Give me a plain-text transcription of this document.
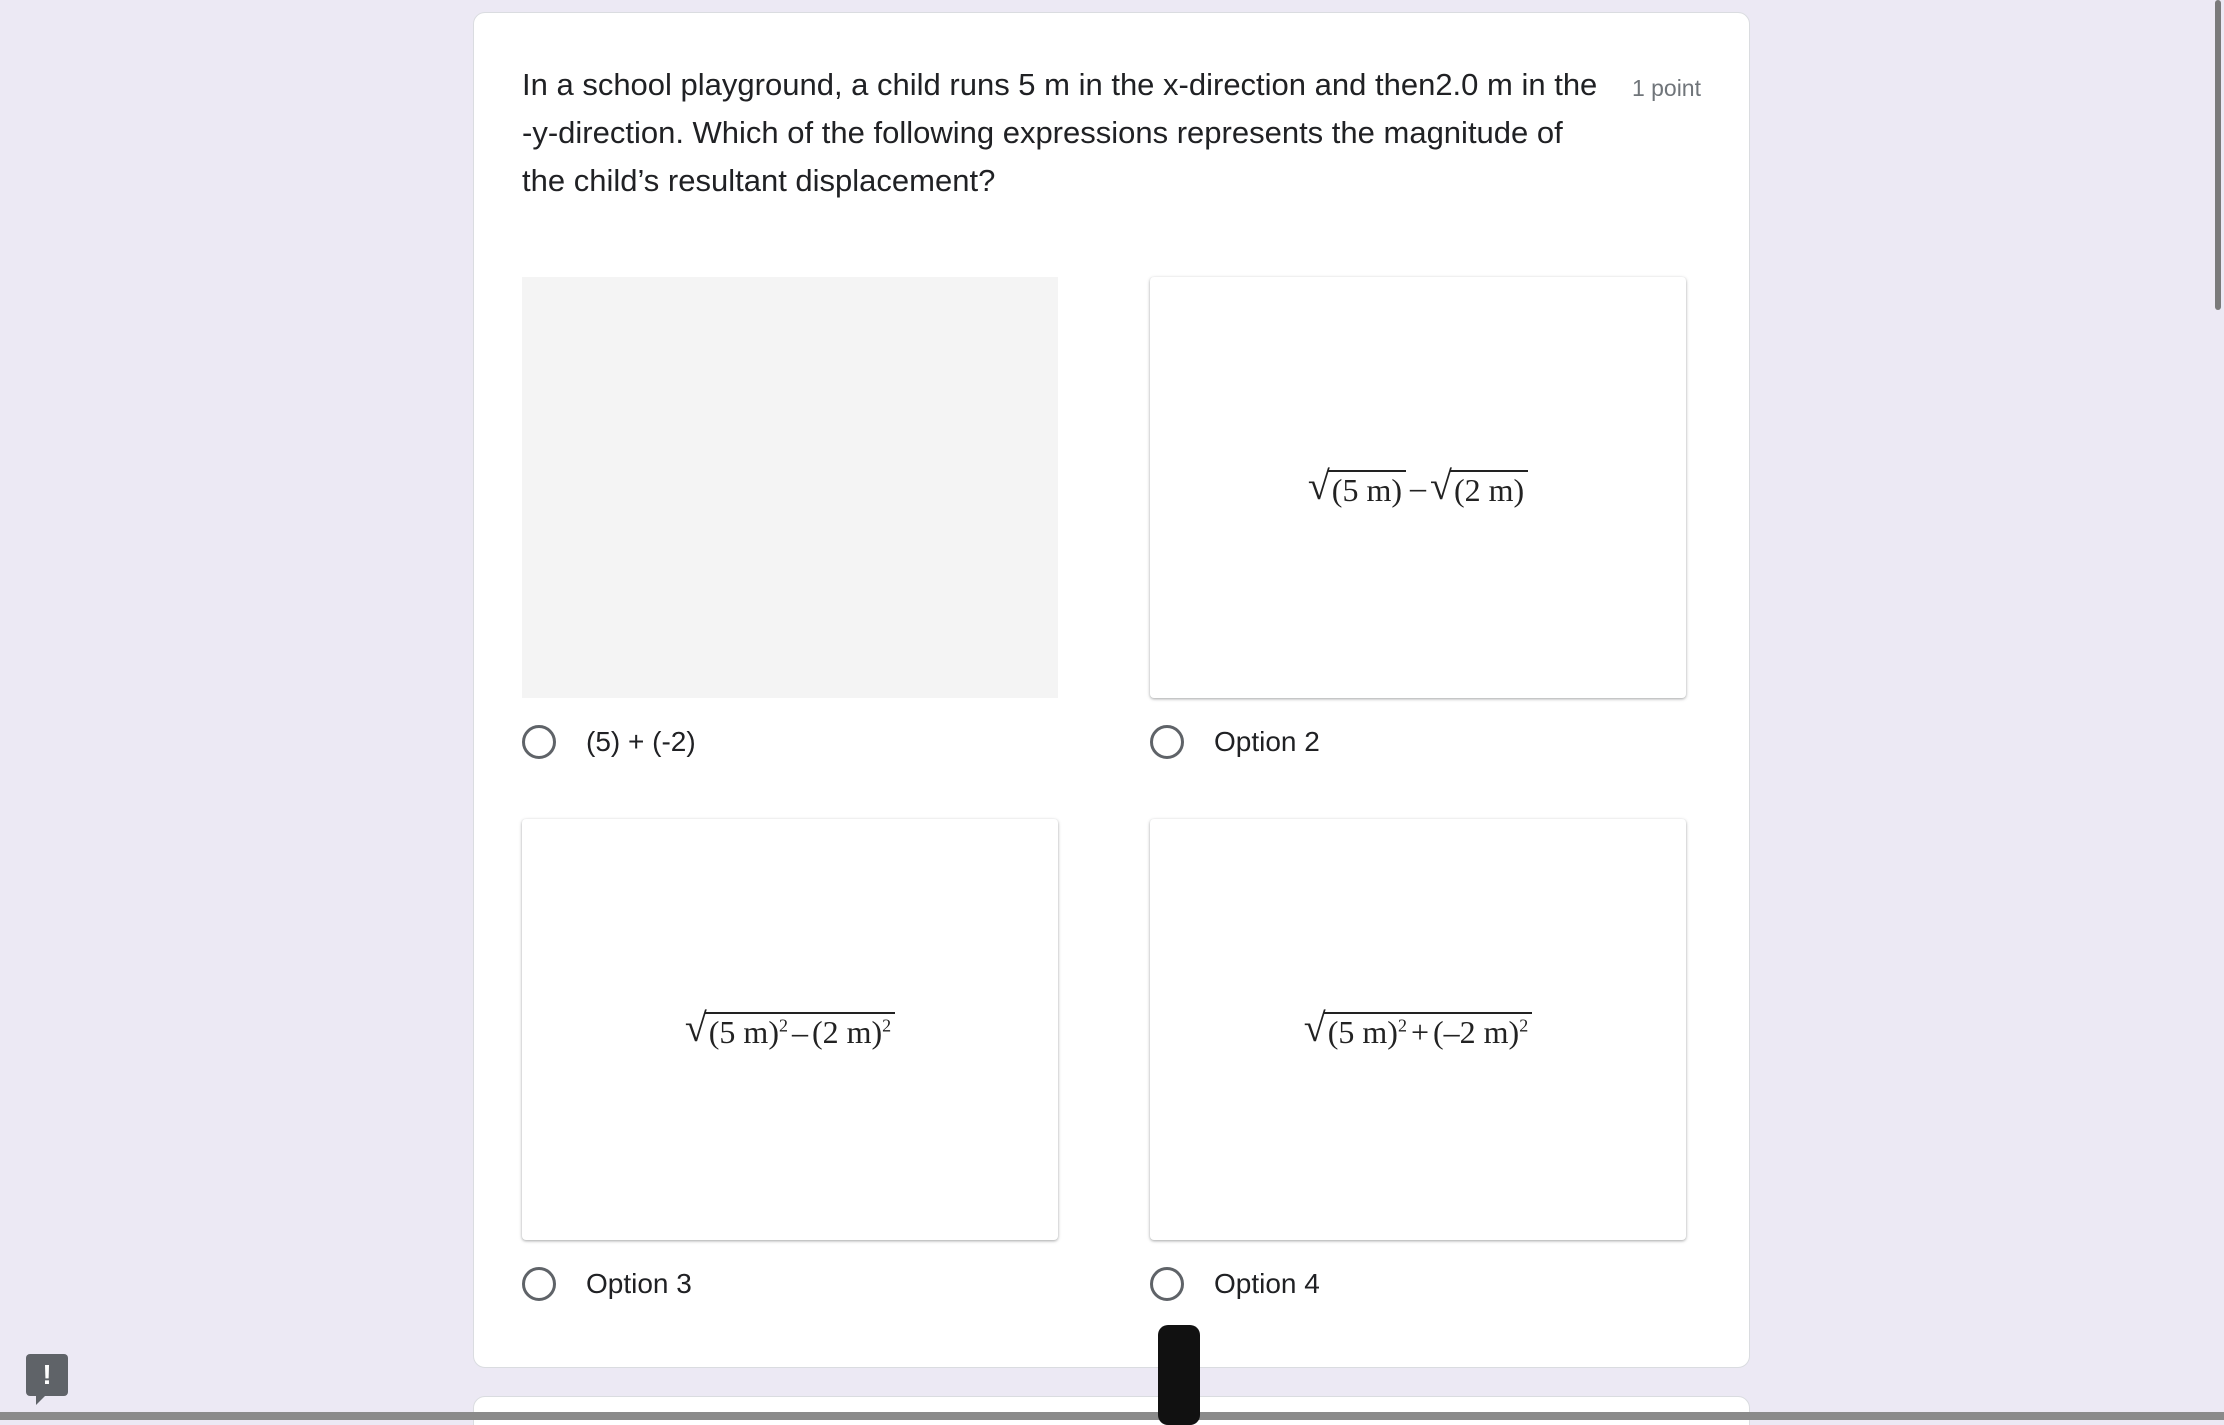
In a school playground, a child runs 5 m in the x-direction and then2.0 m in the -y-direction. Which of the following expressions represents the magnitude of the child’s resultant displacement?

1 point
(5) + (-2)
√ (5 m) – √ (2 m)
Option 2
√ (5 m)$^2$ – (2 m)$^2$
Option 3
√ (5 m)$^2$ + (–2 m)$^2$
Option 4
!
